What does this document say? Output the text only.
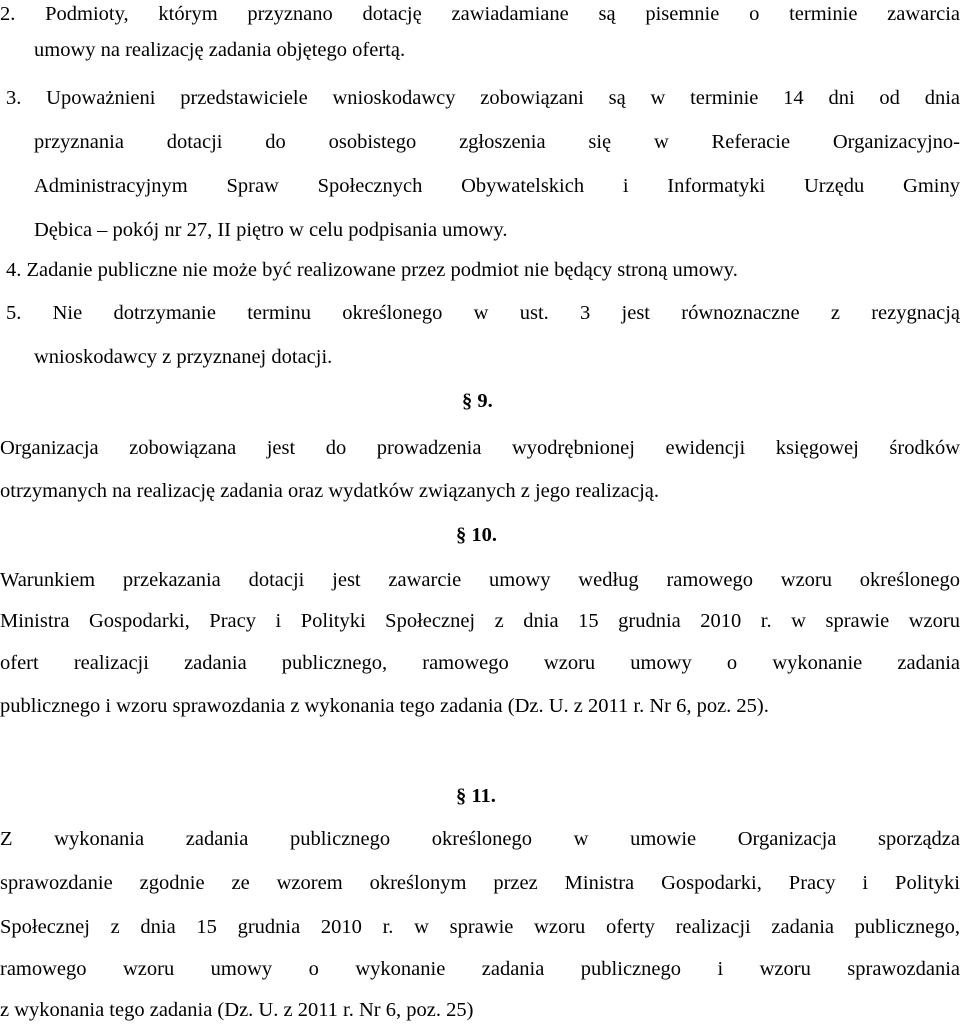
2. Podmioty, którym przyznano dotację zawiadamiane są pisemnie o terminie zawarcia
umowy na realizację zadania objętego ofertą.
3. Upoważnieni przedstawiciele wnioskodawcy zobowiązani są w terminie 14 dni od dnia
przyznania dotacji do osobistego zgłoszenia się w Referacie Organizacyjno-
Administracyjnym Spraw Społecznych Obywatelskich i Informatyki Urzędu Gminy
Dębica – pokój nr 27, II piętro w celu podpisania umowy.
4. Zadanie publiczne nie może być realizowane przez podmiot nie będący stroną umowy.
5. Nie dotrzymanie terminu określonego w ust. 3 jest równoznaczne z rezygnacją
wnioskodawcy z przyznanej dotacji.
§ 9.
Organizacja zobowiązana jest do prowadzenia wyodrębnionej ewidencji księgowej środków
otrzymanych na realizację zadania oraz wydatków związanych z jego realizacją.
§ 10.
Warunkiem przekazania dotacji jest zawarcie umowy według ramowego wzoru określonego
Ministra Gospodarki, Pracy i Polityki Społecznej z dnia 15 grudnia 2010 r. w sprawie wzoru
ofert realizacji zadania publicznego, ramowego wzoru umowy o wykonanie zadania
publicznego i wzoru sprawozdania z wykonania tego zadania (Dz. U. z 2011 r. Nr 6, poz. 25).
§ 11.
Z wykonania zadania publicznego określonego w umowie Organizacja sporządza
sprawozdanie zgodnie ze wzorem określonym przez Ministra Gospodarki, Pracy i Polityki
Społecznej z dnia 15 grudnia 2010 r. w sprawie wzoru oferty realizacji zadania publicznego,
ramowego wzoru umowy o wykonanie zadania publicznego i wzoru sprawozdania
z wykonania tego zadania (Dz. U. z 2011 r. Nr 6, poz. 25)
